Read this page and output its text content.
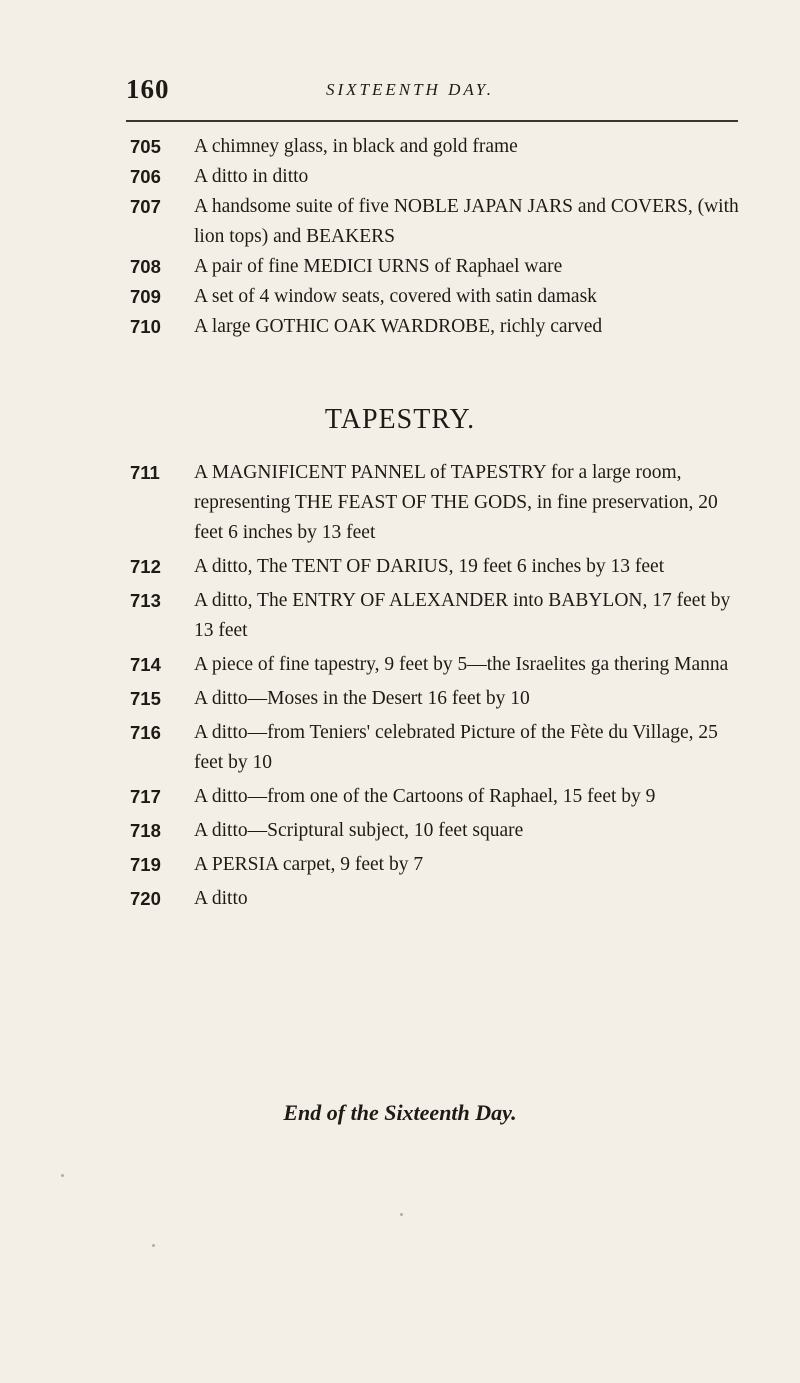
160	SIXTEENTH DAY.
705 A chimney glass, in black and gold frame
706 A ditto in ditto
707 A handsome suite of five NOBLE JAPAN JARS and COVERS, (with lion tops) and BEAKERS
708 A pair of fine MEDICI URNS of Raphael ware
709 A set of 4 window seats, covered with satin damask
710 A large GOTHIC OAK WARDROBE, richly carved
TAPESTRY.
711 A MAGNIFICENT PANNEL of TAPESTRY for a large room, representing THE FEAST OF THE GODS, in fine preservation, 20 feet 6 inches by 13 feet
712 A ditto, The TENT OF DARIUS, 19 feet 6 inches by 13 feet
713 A ditto, The ENTRY OF ALEXANDER into BABYLON, 17 feet by 13 feet
714 A piece of fine tapestry, 9 feet by 5—the Israelites ga thering Manna
715 A ditto—Moses in the Desert 16 feet by 10
716 A ditto—from Teniers' celebrated Picture of the Fète du Village, 25 feet by 10
717 A ditto—from one of the Cartoons of Raphael, 15 feet by 9
718 A ditto—Scriptural subject, 10 feet square
719 A PERSIA carpet, 9 feet by 7
720 A ditto
End of the Sixteenth Day.
